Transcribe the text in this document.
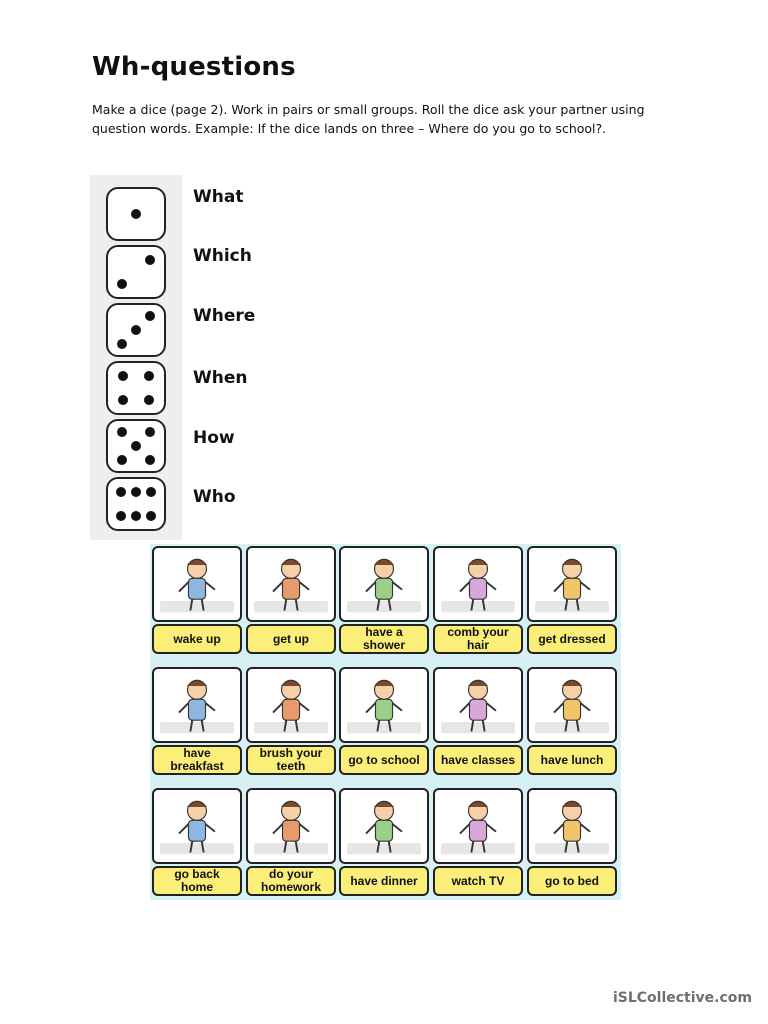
Wh-questions
Make a dice (page 2). Work in pairs or small groups. Roll the dice ask your partner using question words. Example: If the dice lands on three – Where do you go to school?.
What
Which
Where
When
How
Who
wake up	get up	have a shower
comb your hair	get dressed
have breakfast
brush your teeth	go to school	have classes	have lunch
go back home
do your homework	have dinner	watch TV	go to bed
iSLCollective.com
